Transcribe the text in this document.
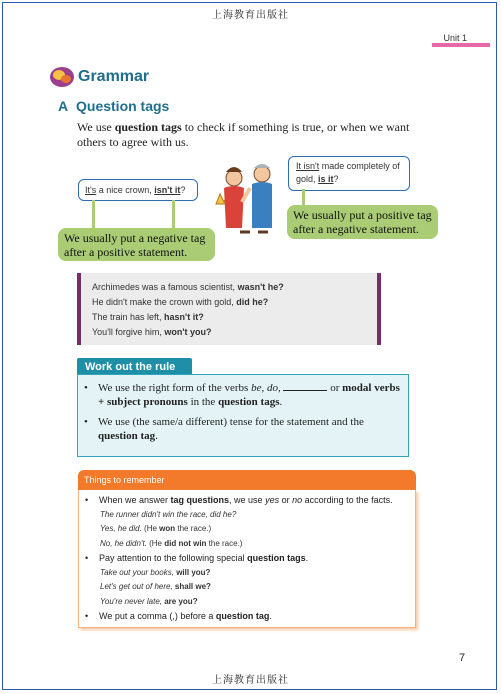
上海教育出版社
Unit 1
Grammar
A Question tags
We use question tags to check if something is true, or when we want others to agree with us.
It's a nice crown, isn't it?
It isn't made completely of gold, is it?
We usually put a negative tag after a positive statement.
We usually put a positive tag after a negative statement.
Archimedes was a famous scientist, wasn't he?
He didn't make the crown with gold, did he?
The train has left, hasn't it?
You'll forgive him, won't you?
Work out the rule
• We use the right form of the verbs be, do,	or modal verbs + subject pronouns in the question tags.
• We use (the same/a different) tense for the statement and the question tag.
Things to remember
• When we answer tag questions, we use yes or no according to the facts.
The runner didn't win the race, did he?
Yes, he did. (He won the race.)
No, he didn't. (He did not win the race.)
• Pay attention to the following special question tags.
Take out your books, will you?
Let's get out of here, shall we?
You're never late, are you?
• We put a comma (,) before a question tag.
7
上海教育出版社
